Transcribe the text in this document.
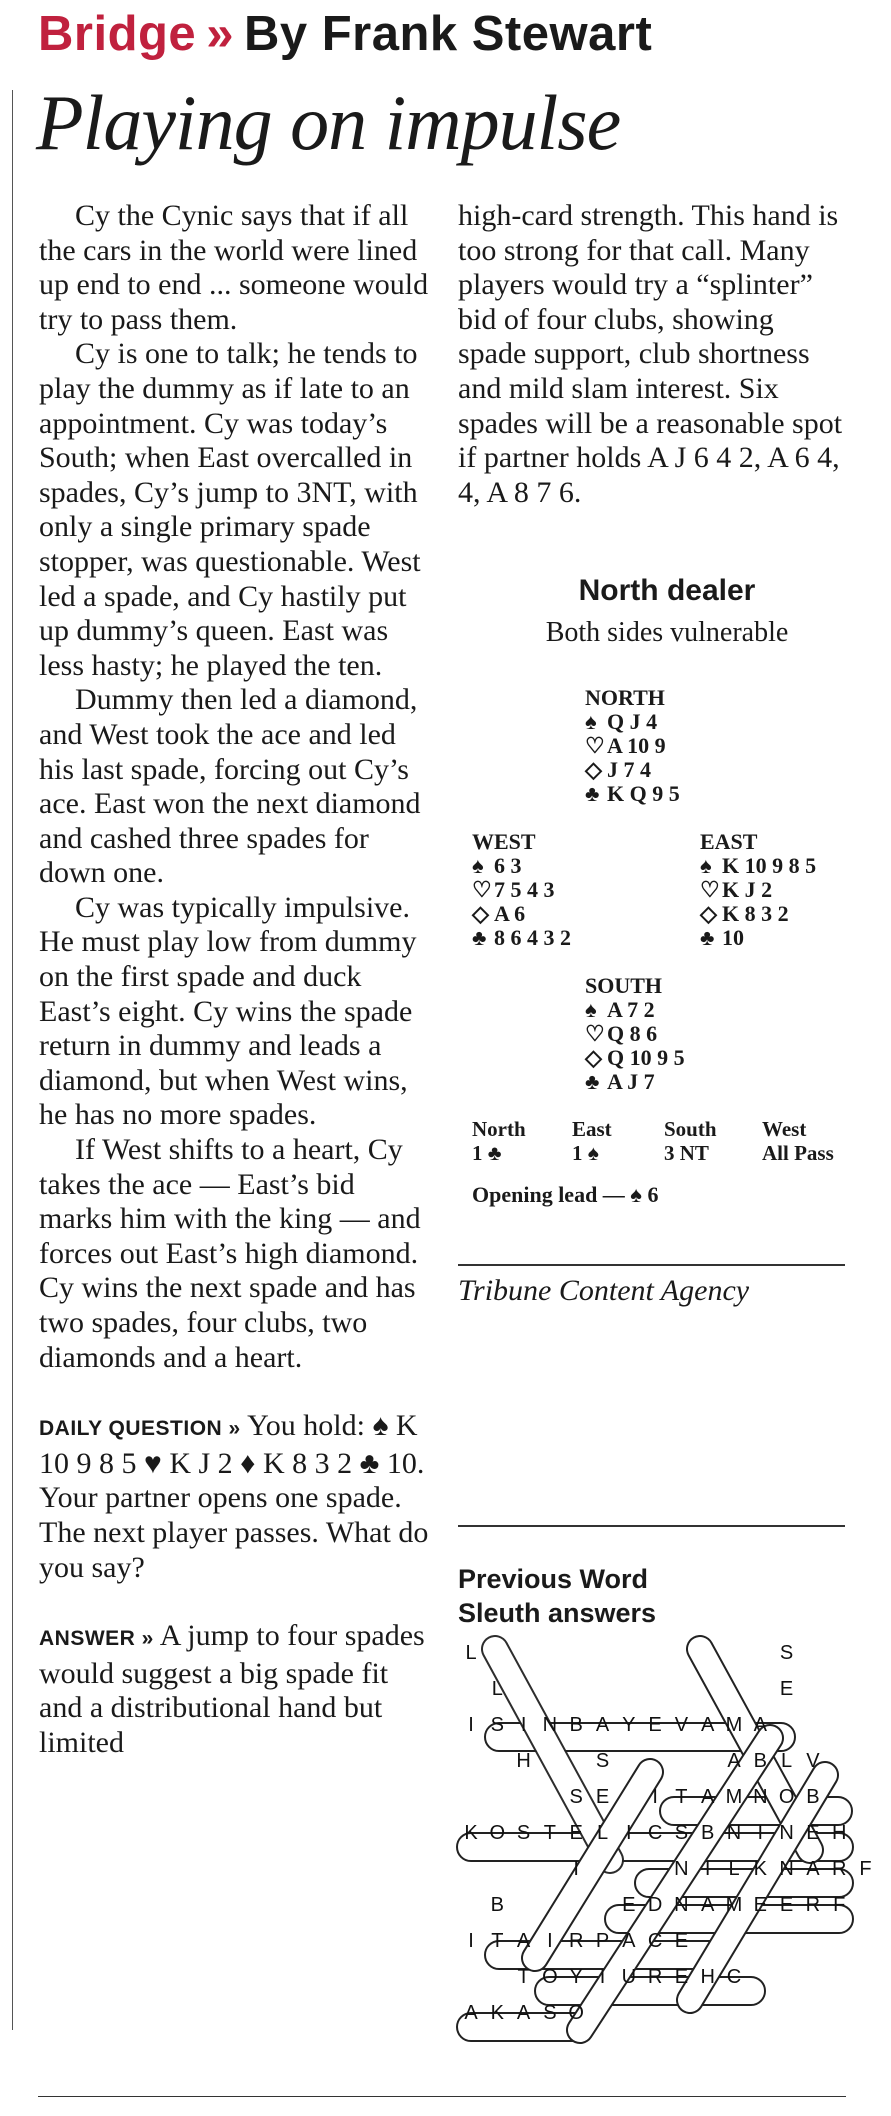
Bridge » By Frank Stewart
Playing on impulse

Cy the Cynic says that if all the cars in the world were lined up end to end ... someone would try to pass them.

Cy is one to talk; he tends to play the dummy as if late to an appointment. Cy was today’s South; when East overcalled in spades, Cy’s jump to 3NT, with only a single primary spade stopper, was questionable. West led a spade, and Cy hastily put up dummy’s queen. East was less hasty; he played the ten.

Dummy then led a diamond, and West took the ace and led his last spade, forcing out Cy’s ace. East won the next diamond and cashed three spades for down one.

Cy was typically impulsive. He must play low from dummy on the first spade and duck East’s eight. Cy wins the spade return in dummy and leads a diamond, but when West wins, he has no more spades.

If West shifts to a heart, Cy takes the ace — East’s bid marks him with the king — and forces out East’s high diamond. Cy wins the next spade and has two spades, four clubs, two diamonds and a heart.

DAILY QUESTION » You hold: ♠ K 10 9 8 5 ♥ K J 2 ♦ K 8 3 2 ♣ 10. Your partner opens one spade. The next player passes. What do you say?

ANSWER » A jump to four spades would suggest a big spade fit and a distributional hand but limited

high-card strength. This hand is too strong for that call. Many players would try a “splinter” bid of four clubs, showing spade support, club shortness and mild slam interest. Six spades will be a reasonable spot if partner holds A J 6 4 2, A 6 4, 4, A 8 7 6.

North dealer
Both sides vulnerable
NORTH
♠ Q J 4
♡ A 10 9
◇ J 7 4
♣ K Q 9 5
WEST
♠ 6 3
♡ 7 5 4 3
◇ A 6
♣ 8 6 4 3 2
EAST
♠ K 10 9 8 5
♡ K J 2
◇ K 8 3 2
♣ 10
SOUTH
♠ A 7 2
♡ Q 8 6
◇ Q 10 9 5
♣ A J 7
North	East	South	West
1 ♣	1 ♠	3 NT	All Pass
Opening lead — ♠ 6
Tribune Content Agency
Previous Word
Sleuth answers
L	S
L	E
I S I N B A Y E V A M A
H	S	A B L V
S E I T A M N O B
K O S T E L I C S B N I N E H
I	N I L K N A R F
B	E D N A M E E R F
I T A I R P A C E
T O Y I U R E H C
A K A S O
